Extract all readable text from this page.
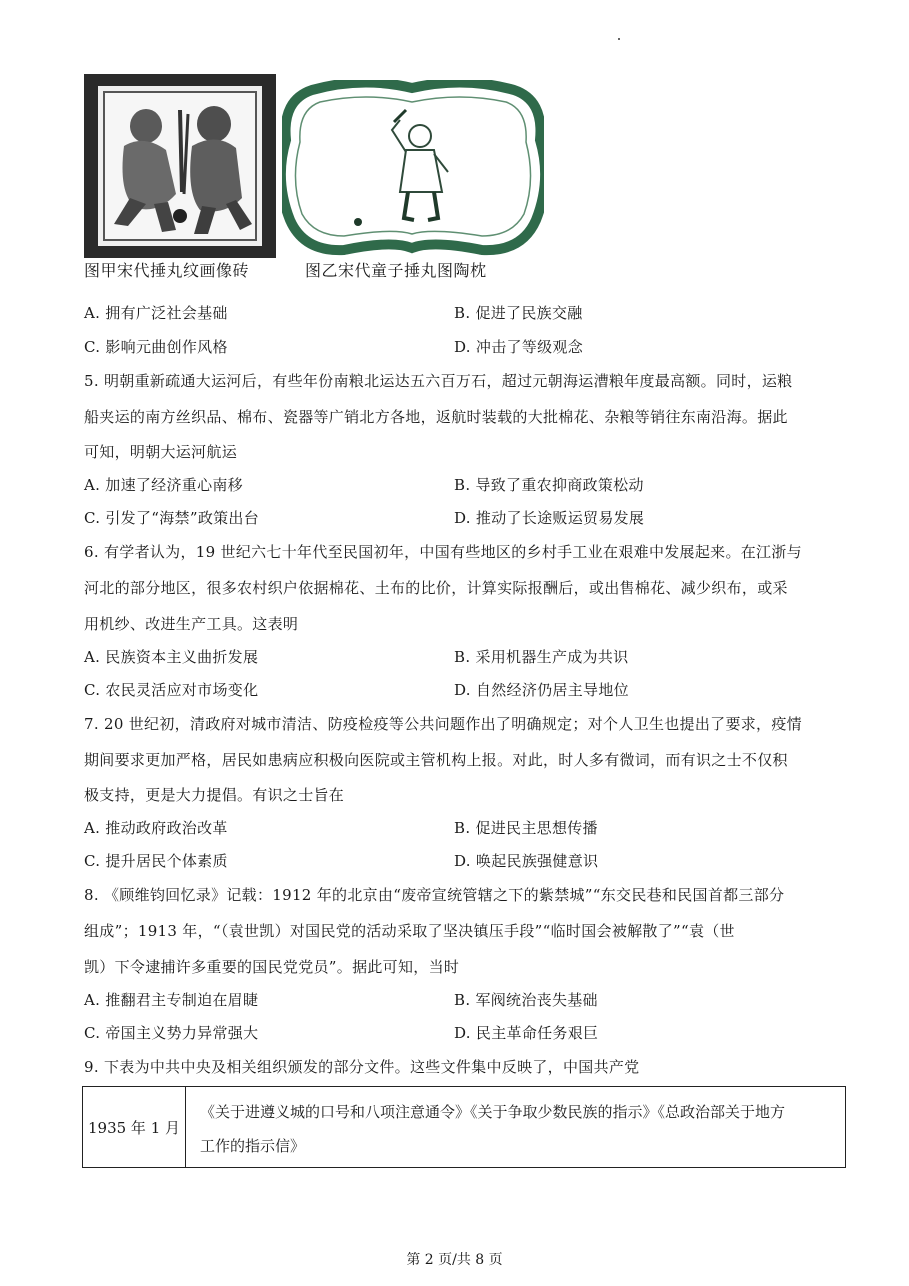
图甲宋代捶丸纹画像砖	图乙宋代童子捶丸图陶枕
A. 拥有广泛社会基础	B. 促进了民族交融
C. 影响元曲创作风格	D. 冲击了等级观念
5. 明朝重新疏通大运河后，有些年份南粮北运达五六百万石，超过元朝海运漕粮年度最高额。同时，运粮
船夹运的南方丝织品、棉布、瓷器等广销北方各地，返航时装载的大批棉花、杂粮等销往东南沿海。据此
可知，明朝大运河航运
A. 加速了经济重心南移	B. 导致了重农抑商政策松动
C. 引发了“海禁”政策出台	D. 推动了长途贩运贸易发展
6. 有学者认为，19 世纪六七十年代至民国初年，中国有些地区的乡村手工业在艰难中发展起来。在江浙与
河北的部分地区，很多农村织户依据棉花、土布的比价，计算实际报酬后，或出售棉花、减少织布，或采
用机纱、改进生产工具。这表明
A. 民族资本主义曲折发展	B. 采用机器生产成为共识
C. 农民灵活应对市场变化	D. 自然经济仍居主导地位
7. 20 世纪初，清政府对城市清洁、防疫检疫等公共问题作出了明确规定；对个人卫生也提出了要求，疫情
期间要求更加严格，居民如患病应积极向医院或主管机构上报。对此，时人多有微词，而有识之士不仅积
极支持，更是大力提倡。有识之士旨在
A. 推动政府政治改革	B. 促进民主思想传播
C. 提升居民个体素质	D. 唤起民族强健意识
8. 《顾维钧回忆录》记载：1912 年的北京由“废帝宣统管辖之下的紫禁城”“东交民巷和民国首都三部分
组成”；1913 年，“（袁世凯）对国民党的活动采取了坚决镇压手段”“临时国会被解散了”“袁（世
凯）下令逮捕许多重要的国民党党员”。据此可知，当时
A. 推翻君主专制迫在眉睫	B. 军阀统治丧失基础
C. 帝国主义势力异常强大	D. 民主革命任务艰巨
9. 下表为中共中央及相关组织颁发的部分文件。这些文件集中反映了，中国共产党
1935 年 1 月
《关于进遵义城的口号和八项注意通令》《关于争取少数民族的指示》《总政治部关于地方
工作的指示信》
第 2 页/共 8 页
